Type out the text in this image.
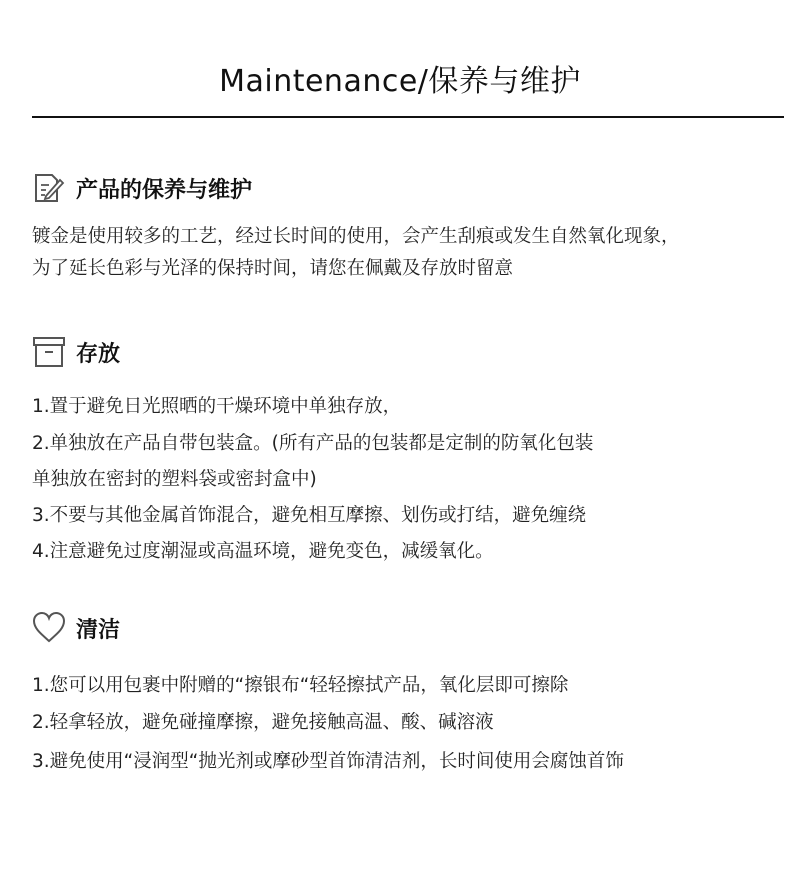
Maintenance/保养与维护
产品的保养与维护
镀金是使用较多的工艺，经过长时间的使用，会产生刮痕或发生自然氧化现象，
为了延长色彩与光泽的保持时间，请您在佩戴及存放时留意
存放
1.置于避免日光照晒的干燥环境中单独存放，
2.单独放在产品自带包装盒。(所有产品的包装都是定制的防氧化包装
单独放在密封的塑料袋或密封盒中)
3.不要与其他金属首饰混合，避免相互摩擦、划伤或打结，避免缠绕
4.注意避免过度潮湿或高温环境，避免变色，减缓氧化。
清洁
1.您可以用包裹中附赠的“擦银布“轻轻擦拭产品，氧化层即可擦除
2.轻拿轻放，避免碰撞摩擦，避免接触高温、酸、碱溶液
3.避免使用“浸润型“抛光剂或摩砂型首饰清洁剂，长时间使用会腐蚀首饰
